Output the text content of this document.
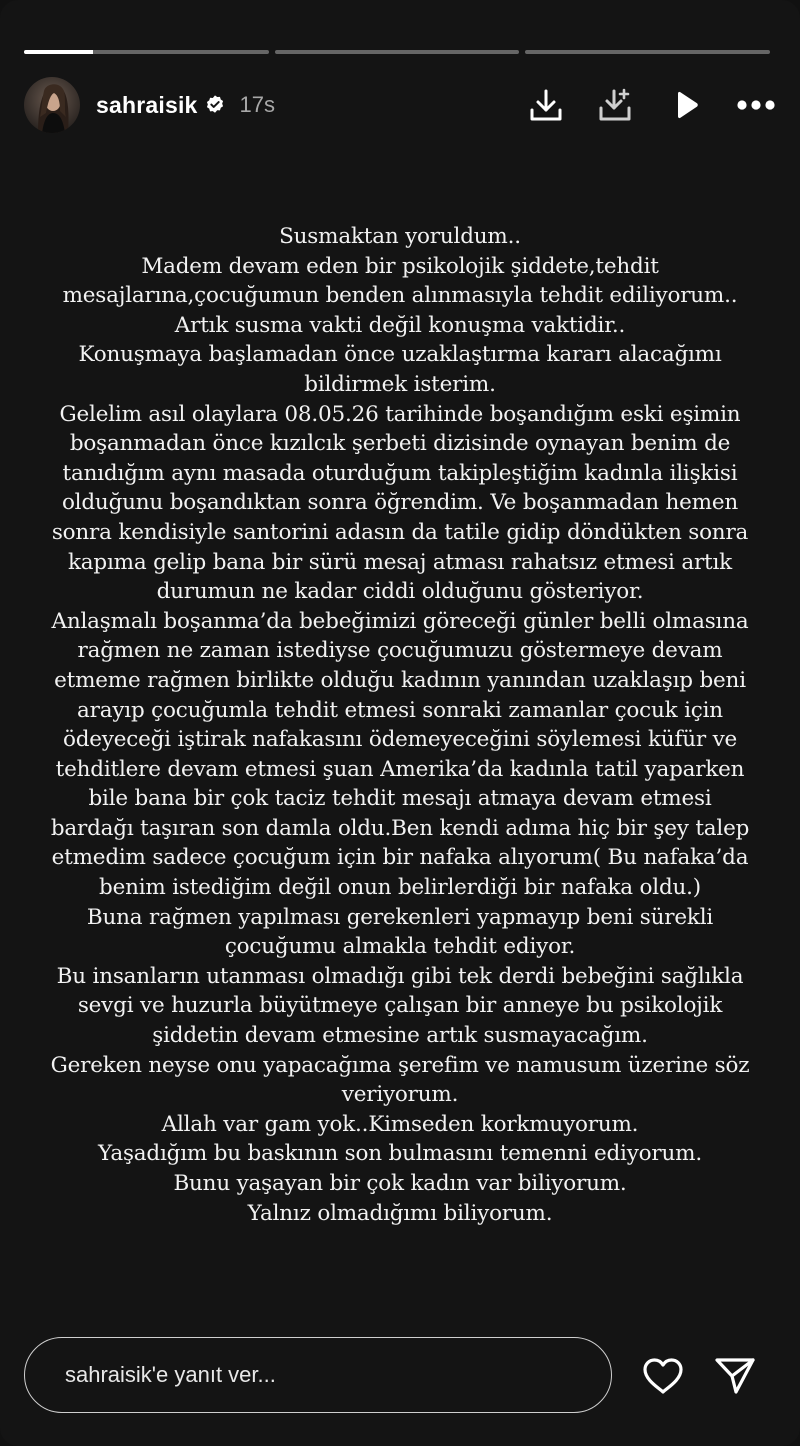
sahraisik 17s
Susmaktan yoruldum..
Madem devam eden bir psikolojik şiddete,tehdit
mesajlarına,çocuğumun benden alınmasıyla tehdit ediliyorum..
Artık susma vakti değil konuşma vaktidir..
Konuşmaya başlamadan önce uzaklaştırma kararı alacağımı
bildirmek isterim.
Gelelim asıl olaylara 08.05.26 tarihinde boşandığım eski eşimin
boşanmadan önce kızılcık şerbeti dizisinde oynayan benim de
tanıdığım aynı masada oturduğum takipleştiğim kadınla ilişkisi
olduğunu boşandıktan sonra öğrendim. Ve boşanmadan hemen
sonra kendisiyle santorini adasın da tatile gidip döndükten sonra
kapıma gelip bana bir sürü mesaj atması rahatsız etmesi artık
durumun ne kadar ciddi olduğunu gösteriyor.
Anlaşmalı boşanma’da bebeğimizi göreceği günler belli olmasına
rağmen ne zaman istediyse çocuğumuzu göstermeye devam
etmeme rağmen birlikte olduğu kadının yanından uzaklaşıp beni
arayıp çocuğumla tehdit etmesi sonraki zamanlar çocuk için
ödeyeceği iştirak nafakasını ödemeyeceğini söylemesi küfür ve
tehditlere devam etmesi şuan Amerika’da kadınla tatil yaparken
bile bana bir çok taciz tehdit mesajı atmaya devam etmesi
bardağı taşıran son damla oldu.Ben kendi adıma hiç bir şey talep
etmedim sadece çocuğum için bir nafaka alıyorum( Bu nafaka’da
benim istediğim değil onun belirlerdiği bir nafaka oldu.)
Buna rağmen yapılması gerekenleri yapmayıp beni sürekli
çocuğumu almakla tehdit ediyor.
Bu insanların utanması olmadığı gibi tek derdi bebeğini sağlıkla
sevgi ve huzurla büyütmeye çalışan bir anneye bu psikolojik
şiddetin devam etmesine artık susmayacağım.
Gereken neyse onu yapacağıma şerefim ve namusum üzerine söz
veriyorum.
Allah var gam yok..Kimseden korkmuyorum.
Yaşadığım bu baskının son bulmasını temenni ediyorum.
Bunu yaşayan bir çok kadın var biliyorum.
Yalnız olmadığımı biliyorum.
sahraisik'e yanıt ver...
